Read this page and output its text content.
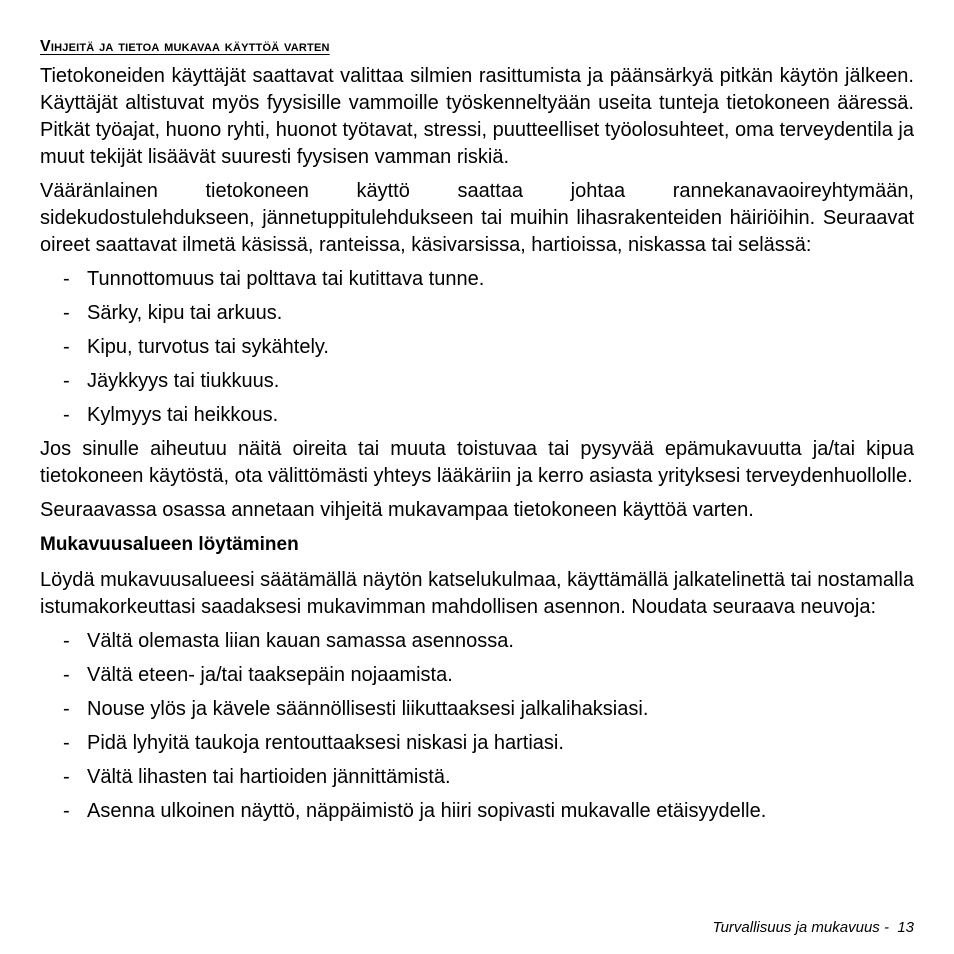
Vihjeitä ja tietoa mukavaa käyttöä varten

Tietokoneiden käyttäjät saattavat valittaa silmien rasittumista ja päänsärkyä pitkän käytön jälkeen. Käyttäjät altistuvat myös fyysisille vammoille työskenneltyään useita tunteja tietokoneen ääressä. Pitkät työajat, huono ryhti, huonot työtavat, stressi, puutteelliset työolosuhteet, oma terveydentila ja muut tekijät lisäävät suuresti fyysisen vamman riskiä.

Vääränlainen tietokoneen käyttö saattaa johtaa rannekanavaoireyhtymään, sidekudostulehdukseen, jännetuppitulehdukseen tai muihin lihasrakenteiden häiriöihin. Seuraavat oireet saattavat ilmetä käsissä, ranteissa, käsivarsissa, hartioissa, niskassa tai selässä:

- Tunnottomuus tai polttava tai kutittava tunne.
- Särky, kipu tai arkuus.
- Kipu, turvotus tai sykähtely.
- Jäykkyys tai tiukkuus.
- Kylmyys tai heikkous.

Jos sinulle aiheutuu näitä oireita tai muuta toistuvaa tai pysyvää epämukavuutta ja/tai kipua tietokoneen käytöstä, ota välittömästi yhteys lääkäriin ja kerro asiasta yrityksesi terveydenhuollolle.

Seuraavassa osassa annetaan vihjeitä mukavampaa tietokoneen käyttöä varten.

Mukavuusalueen löytäminen

Löydä mukavuusalueesi säätämällä näytön katselukulmaa, käyttämällä jalkatelinettä tai nostamalla istumakorkeuttasi saadaksesi mukavimman mahdollisen asennon. Noudata seuraava neuvoja:

- Vältä olemasta liian kauan samassa asennossa.
- Vältä eteen- ja/tai taaksepäin nojaamista.
- Nouse ylös ja kävele säännöllisesti liikuttaaksesi jalkalihaksiasi.
- Pidä lyhyitä taukoja rentouttaaksesi niskasi ja hartiasi.
- Vältä lihasten tai hartioiden jännittämistä.
- Asenna ulkoinen näyttö, näppäimistö ja hiiri sopivasti mukavalle etäisyydelle.
Turvallisuus ja mukavuus -  13
